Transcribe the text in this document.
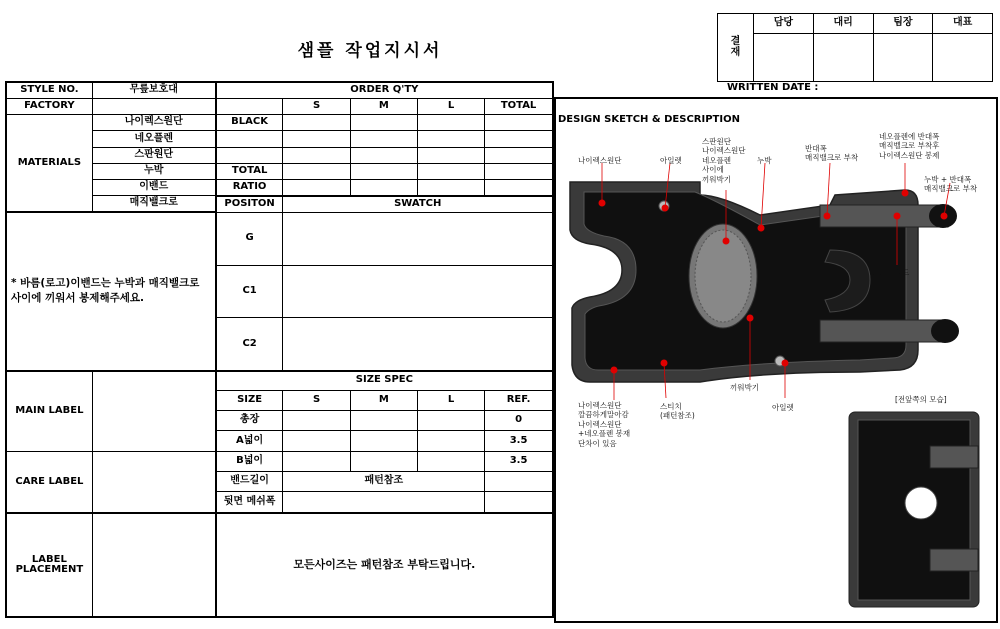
샘플 작업지시서	결
재	담당	대리	팀장	대표

WRITTEN DATE :
STYLE NO.	무릎보호대	ORDER Q'TY				
FACTORY			S	M	L	TOTAL
MATERIALS	나이렉스원단	BLACK				
	네오플렌					
	스판원단					
	누박	TOTAL				
	이밴드	RATIO				
	매직밸크로	POSITON	SWATCH			
* 바름(로고)이밴드는 누박과 매직밸크로 사이에 끼워서 봉제해주세요.		G				
		C1				
		C2				
MAIN LABEL		SIZE SPEC				
		SIZE	S	M	L	REF.
		총장				0
		A넓이				3.5
CARE LABEL		B넓이				3.5
		밴드길이	패턴참조			
		뒷면 메쉬폭				
LABEL PLACEMENT		모든사이즈는 패턴참조 부탁드립니다.				
DESIGN SKETCH & DESCRIPTION
나이렉스원단	아일렛
스판원단
나이렉스원단
네오플렌
사이에
끼워박기
누박
반대폭
매직밸크로 부착
네오플렌에 반대폭
매직벨크로 부착후
나이렉스원단 봉제
누박 + 반대폭
매직밸크로 부착
로고이밴드
나이렉스원단
깔끔하게말아감
나이렉스원단
+네오플렌 봉재
단차이 있음
스티치
(패턴참조)
끼워박기
아일렛
[전앞쪽의 모습]
